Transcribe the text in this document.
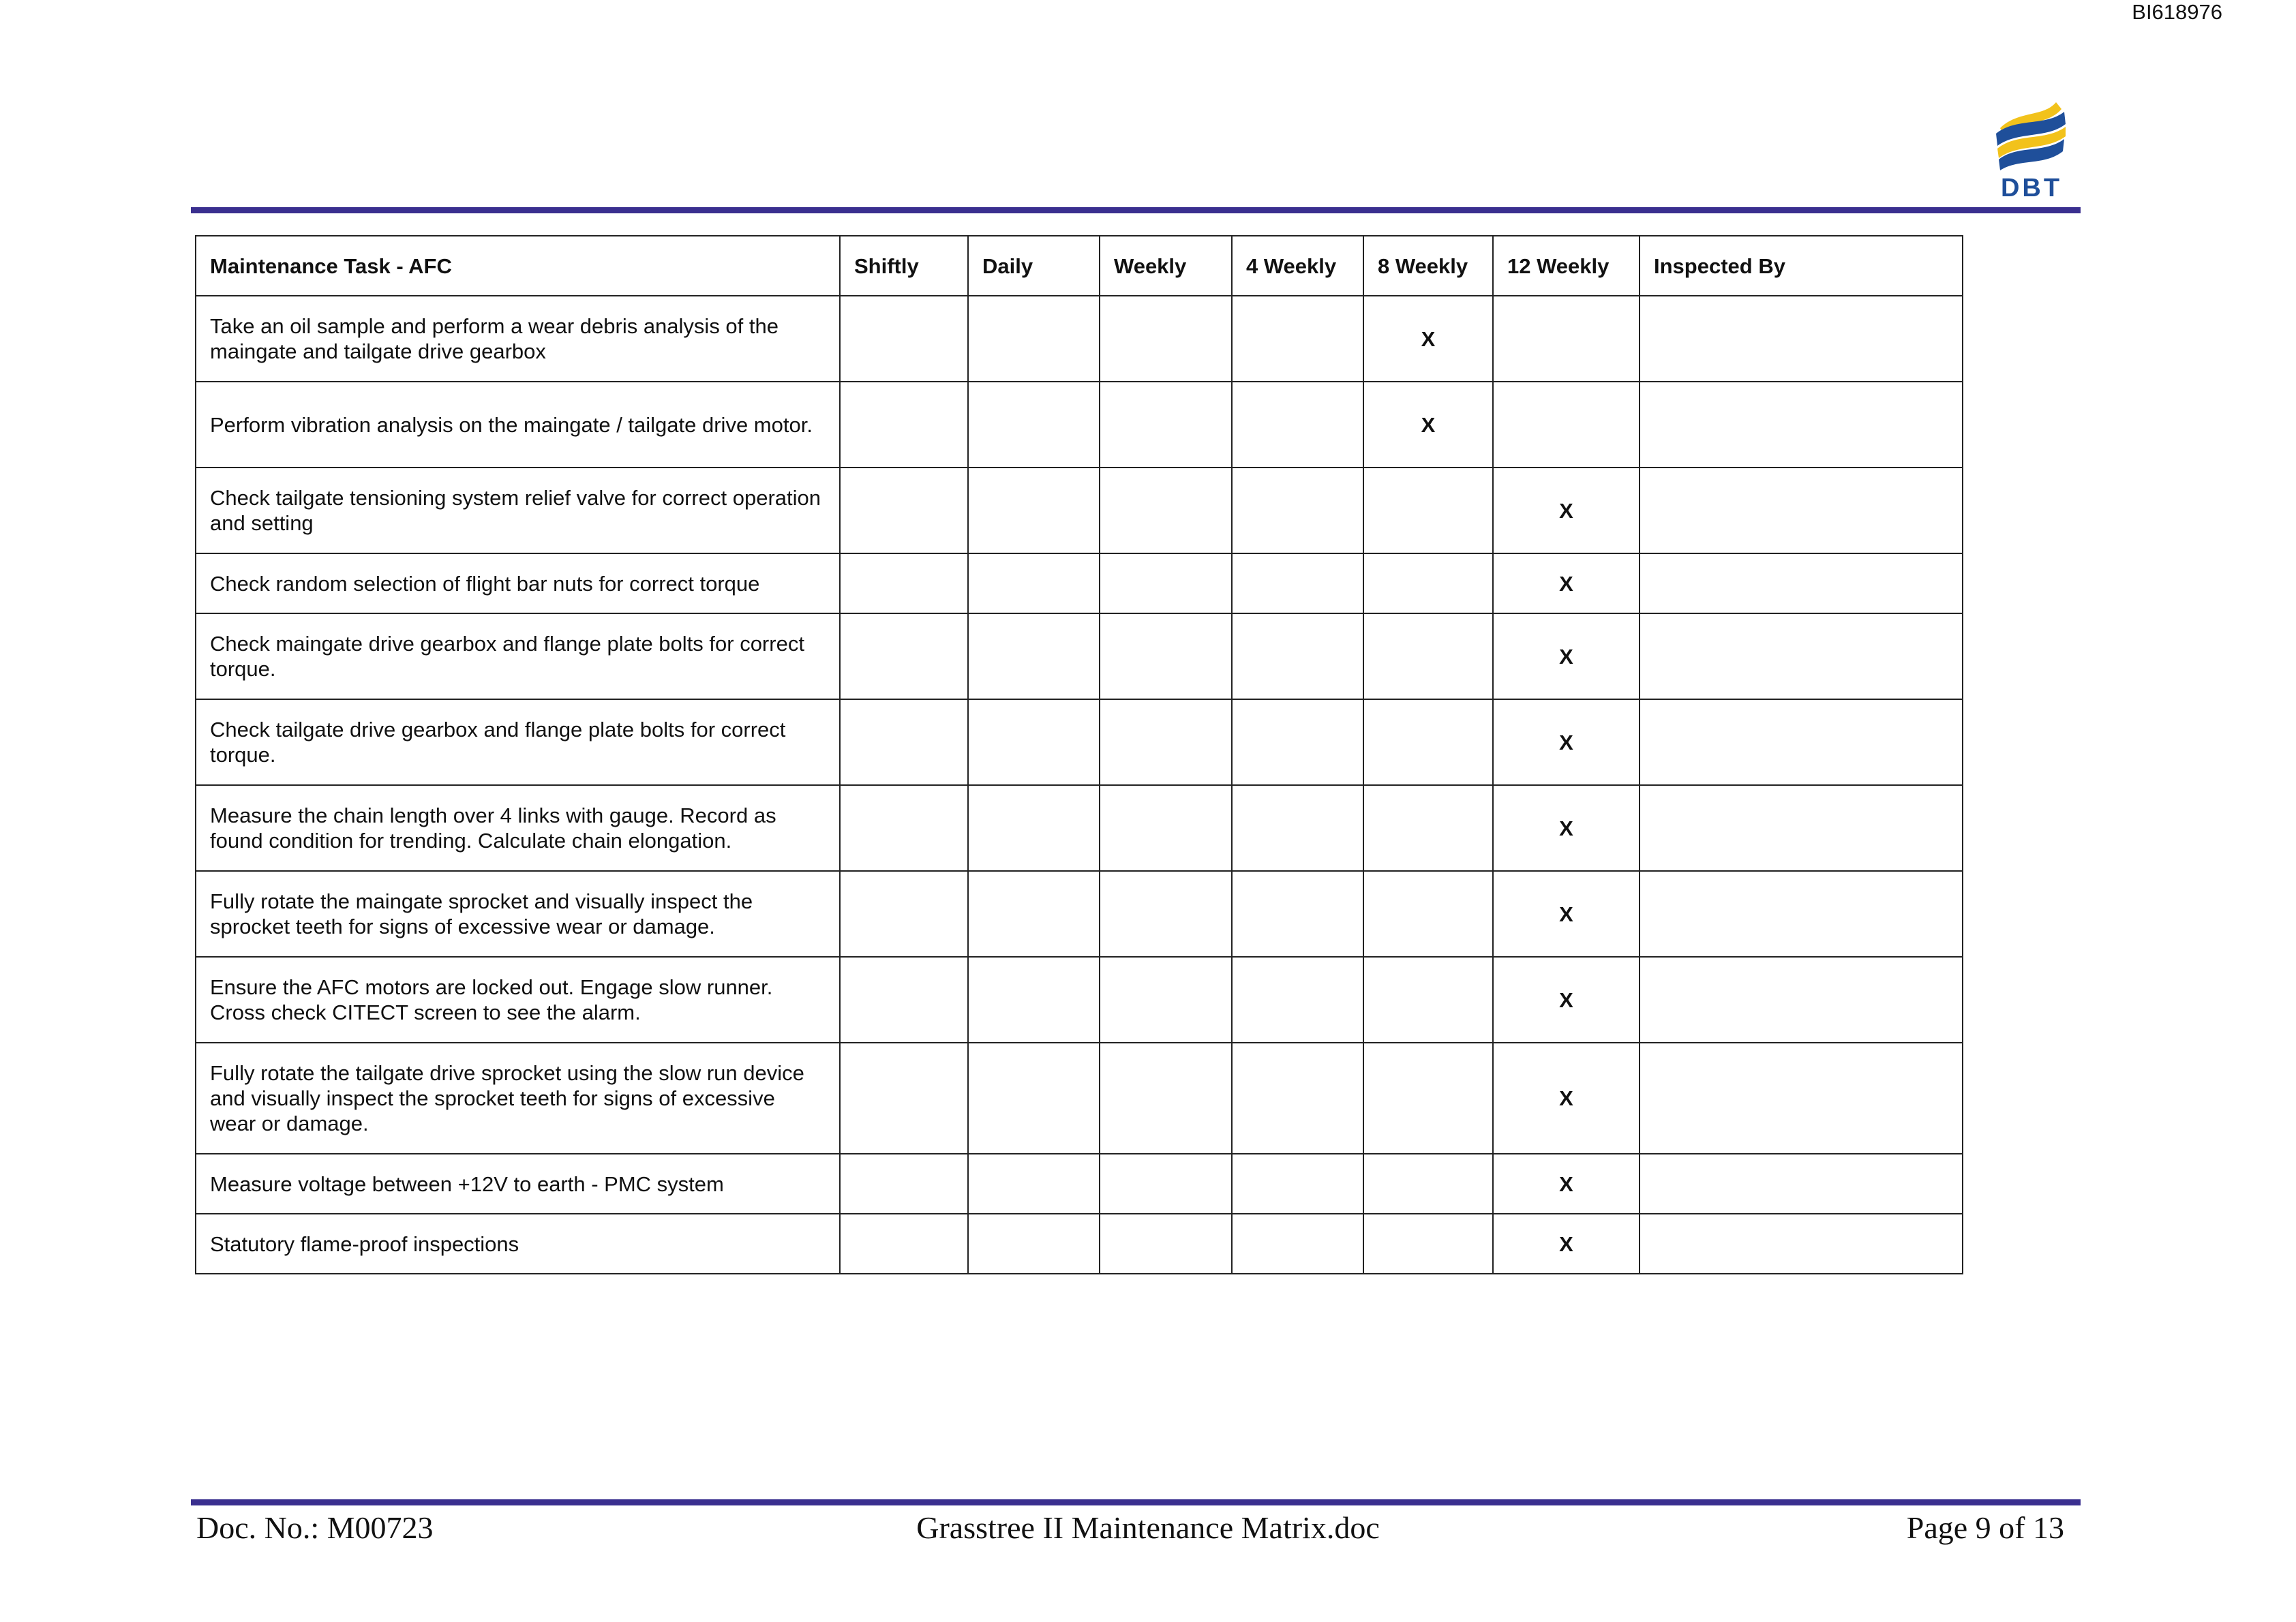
BI618976
DBT
Maintenance Task - AFC	Shiftly	Daily	Weekly	4 Weekly	8 Weekly	12 Weekly	Inspected By
Take an oil sample and perform a wear debris analysis of the maingate and tailgate drive gearbox					X		
Perform vibration analysis on the maingate / tailgate drive motor.					X		
Check tailgate tensioning system relief valve for correct operation and setting						X	
Check random selection of flight bar nuts for correct torque						X	
Check maingate drive gearbox and flange plate bolts for correct torque.						X	
Check tailgate drive gearbox and flange plate bolts for correct torque.						X	
Measure the chain length over 4 links with gauge. Record as found condition for trending. Calculate chain elongation.						X	
Fully rotate the maingate sprocket and visually inspect the sprocket teeth for signs of excessive wear or damage.						X	
Ensure the AFC motors are locked out. Engage slow runner. Cross check CITECT screen to see the alarm.						X	
Fully rotate the tailgate drive sprocket using the slow run device and visually inspect the sprocket teeth for signs of excessive wear or damage.						X	
Measure voltage between +12V to earth - PMC system						X	
Statutory flame-proof inspections						X	
Doc. No.: M00723	Grasstree II Maintenance Matrix.doc	Page 9 of 13
